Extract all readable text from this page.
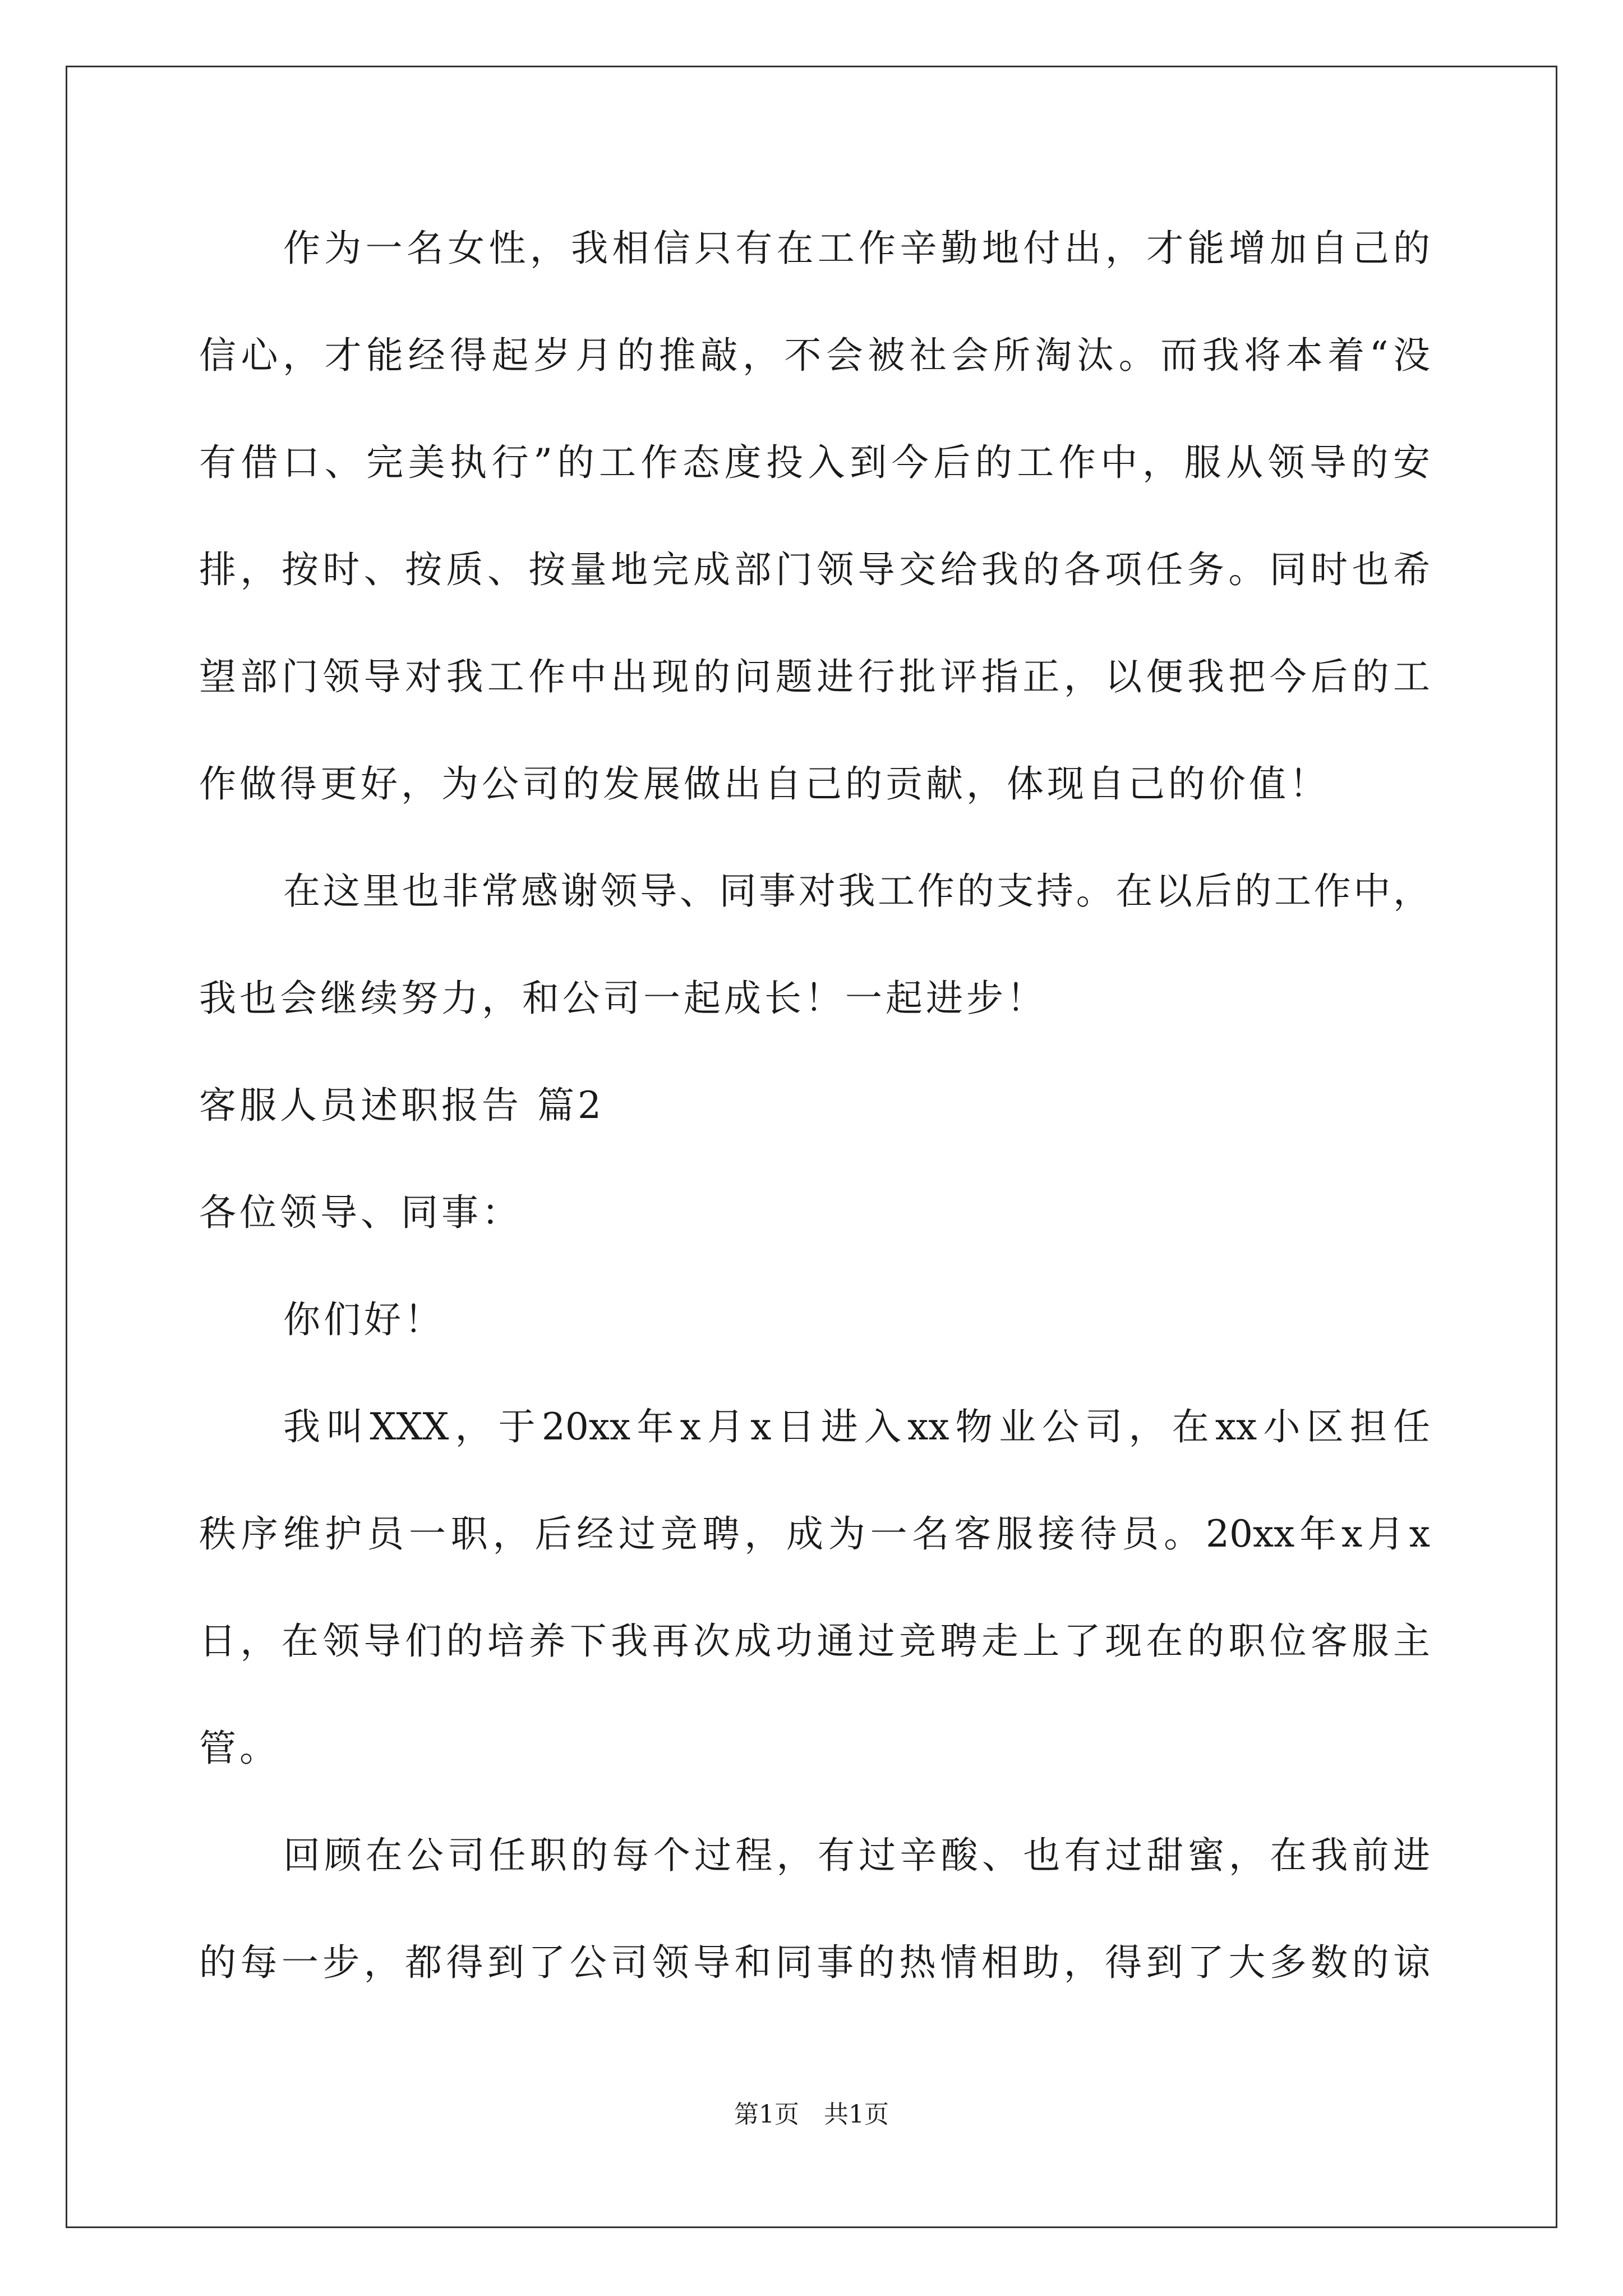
作为一名女性，我相信只有在工作辛勤地付出，才能增加自己的

信心，才能经得起岁月的推敲，不会被社会所淘汰。而我将本着“没

有借口、完美执行”的工作态度投入到今后的工作中，服从领导的安

排，按时、按质、按量地完成部门领导交给我的各项任务。同时也希

望部门领导对我工作中出现的问题进行批评指正，以便我把今后的工

作做得更好，为公司的发展做出自己的贡献，体现自己的价值！

在这里也非常感谢领导、同事对我工作的支持。在以后的工作中，

我也会继续努力，和公司一起成长！一起进步！

客服人员述职报告 篇2

各位领导、同事：

你们好！

我叫XXX，于20xx年x月x日进入xx物业公司，在xx小区担任

秩序维护员一职，后经过竞聘，成为一名客服接待员。20xx年x月x

日，在领导们的培养下我再次成功通过竞聘走上了现在的职位客服主

管。

回顾在公司任职的每个过程，有过辛酸、也有过甜蜜，在我前进

的每一步，都得到了公司领导和同事的热情相助，得到了大多数的谅

第1页　共1页
